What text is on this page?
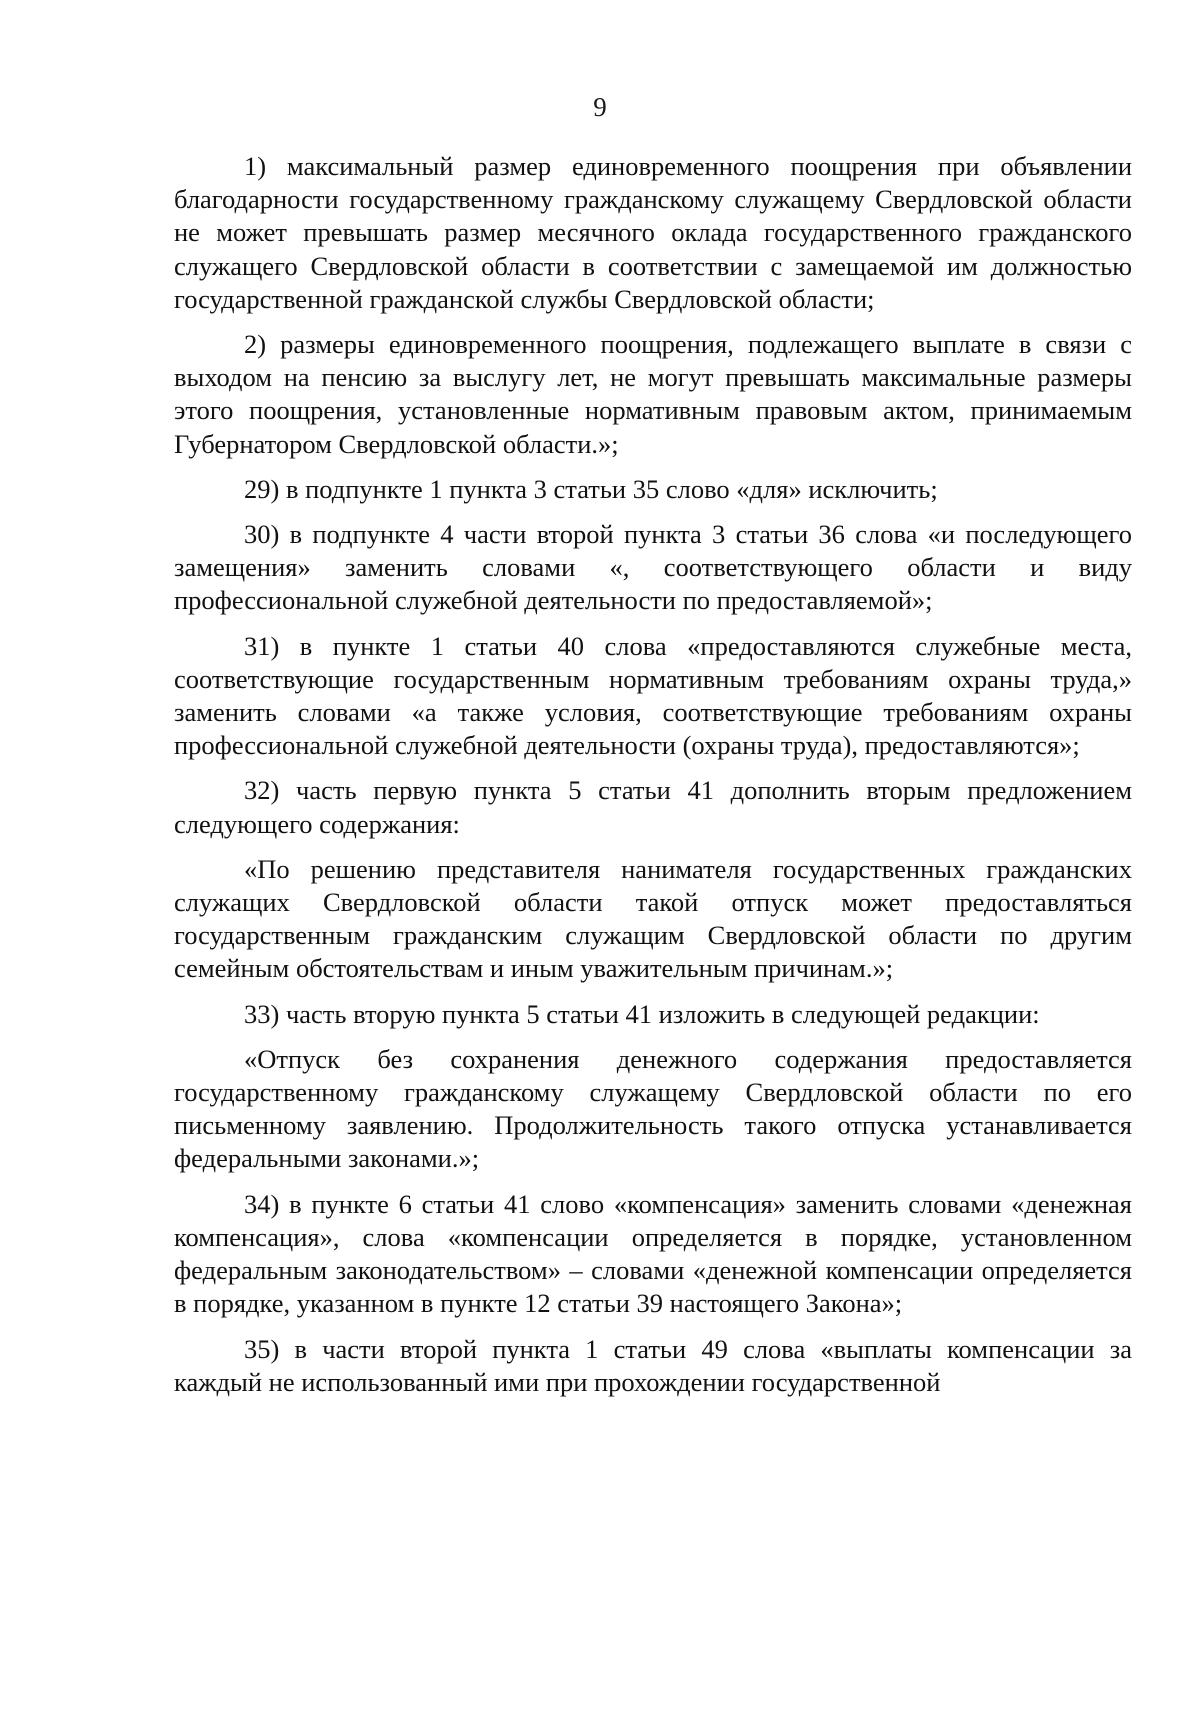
9

1) максимальный размер единовременного поощрения при объявлении благодарности государственному гражданскому служащему Свердловской области не может превышать размер месячного оклада государственного гражданского служащего Свердловской области в соответствии с замещаемой им должностью государственной гражданской службы Свердловской области;

2) размеры единовременного поощрения, подлежащего выплате в связи с выходом на пенсию за выслугу лет, не могут превышать максимальные размеры этого поощрения, установленные нормативным правовым актом, принимаемым Губернатором Свердловской области.»;

29) в подпункте 1 пункта 3 статьи 35 слово «для» исключить;

30) в подпункте 4 части второй пункта 3 статьи 36 слова «и последующего замещения» заменить словами «, соответствующего области и виду профессиональной служебной деятельности по предоставляемой»;

31) в пункте 1 статьи 40 слова «предоставляются служебные места, соответствующие государственным нормативным требованиям охраны труда,» заменить словами «а также условия, соответствующие требованиям охраны профессиональной служебной деятельности (охраны труда), предоставляются»;

32) часть первую пункта 5 статьи 41 дополнить вторым предложением следующего содержания:

«По решению представителя нанимателя государственных гражданских служащих Свердловской области такой отпуск может предоставляться государственным гражданским служащим Свердловской области по другим семейным обстоятельствам и иным уважительным причинам.»;

33) часть вторую пункта 5 статьи 41 изложить в следующей редакции:

«Отпуск без сохранения денежного содержания предоставляется государственному гражданскому служащему Свердловской области по его письменному заявлению. Продолжительность такого отпуска устанавливается федеральными законами.»;

34) в пункте 6 статьи 41 слово «компенсация» заменить словами «денежная компенсация», слова «компенсации определяется в порядке, установленном федеральным законодательством» – словами «денежной компенсации определяется в порядке, указанном в пункте 12 статьи 39 настоящего Закона»;

35) в части второй пункта 1 статьи 49 слова «выплаты компенсации за каждый не использованный ими при прохождении государственной
